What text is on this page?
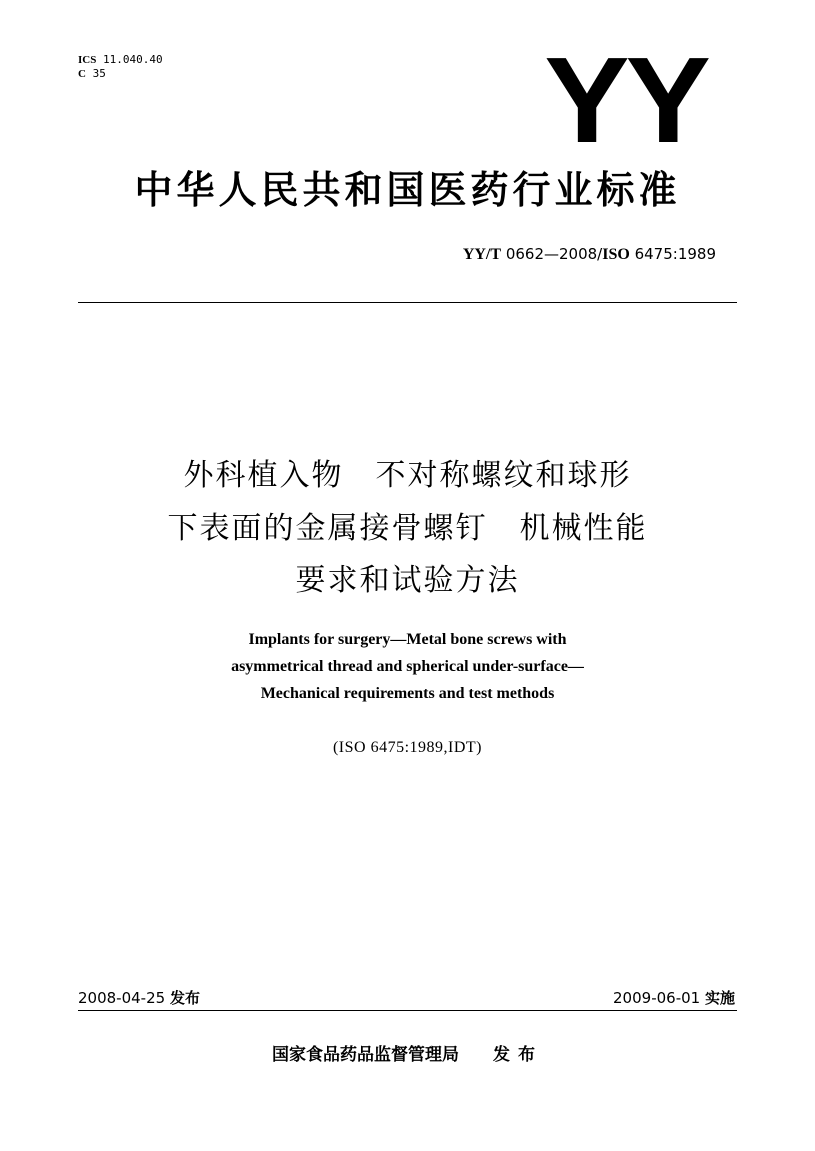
ICS 11.040.40
C 35	YY
中华人民共和国医药行业标准
YY/T 0662—2008/ISO 6475:1989
外科植入物　不对称螺纹和球形
下表面的金属接骨螺钉　机械性能
要求和试验方法
Implants for surgery—Metal bone screws with
asymmetrical thread and spherical under-surface—
Mechanical requirements and test methods
(ISO 6475:1989,IDT)
2008-04-25 发布	2009-06-01 实施
国家食品药品监督管理局 发布
